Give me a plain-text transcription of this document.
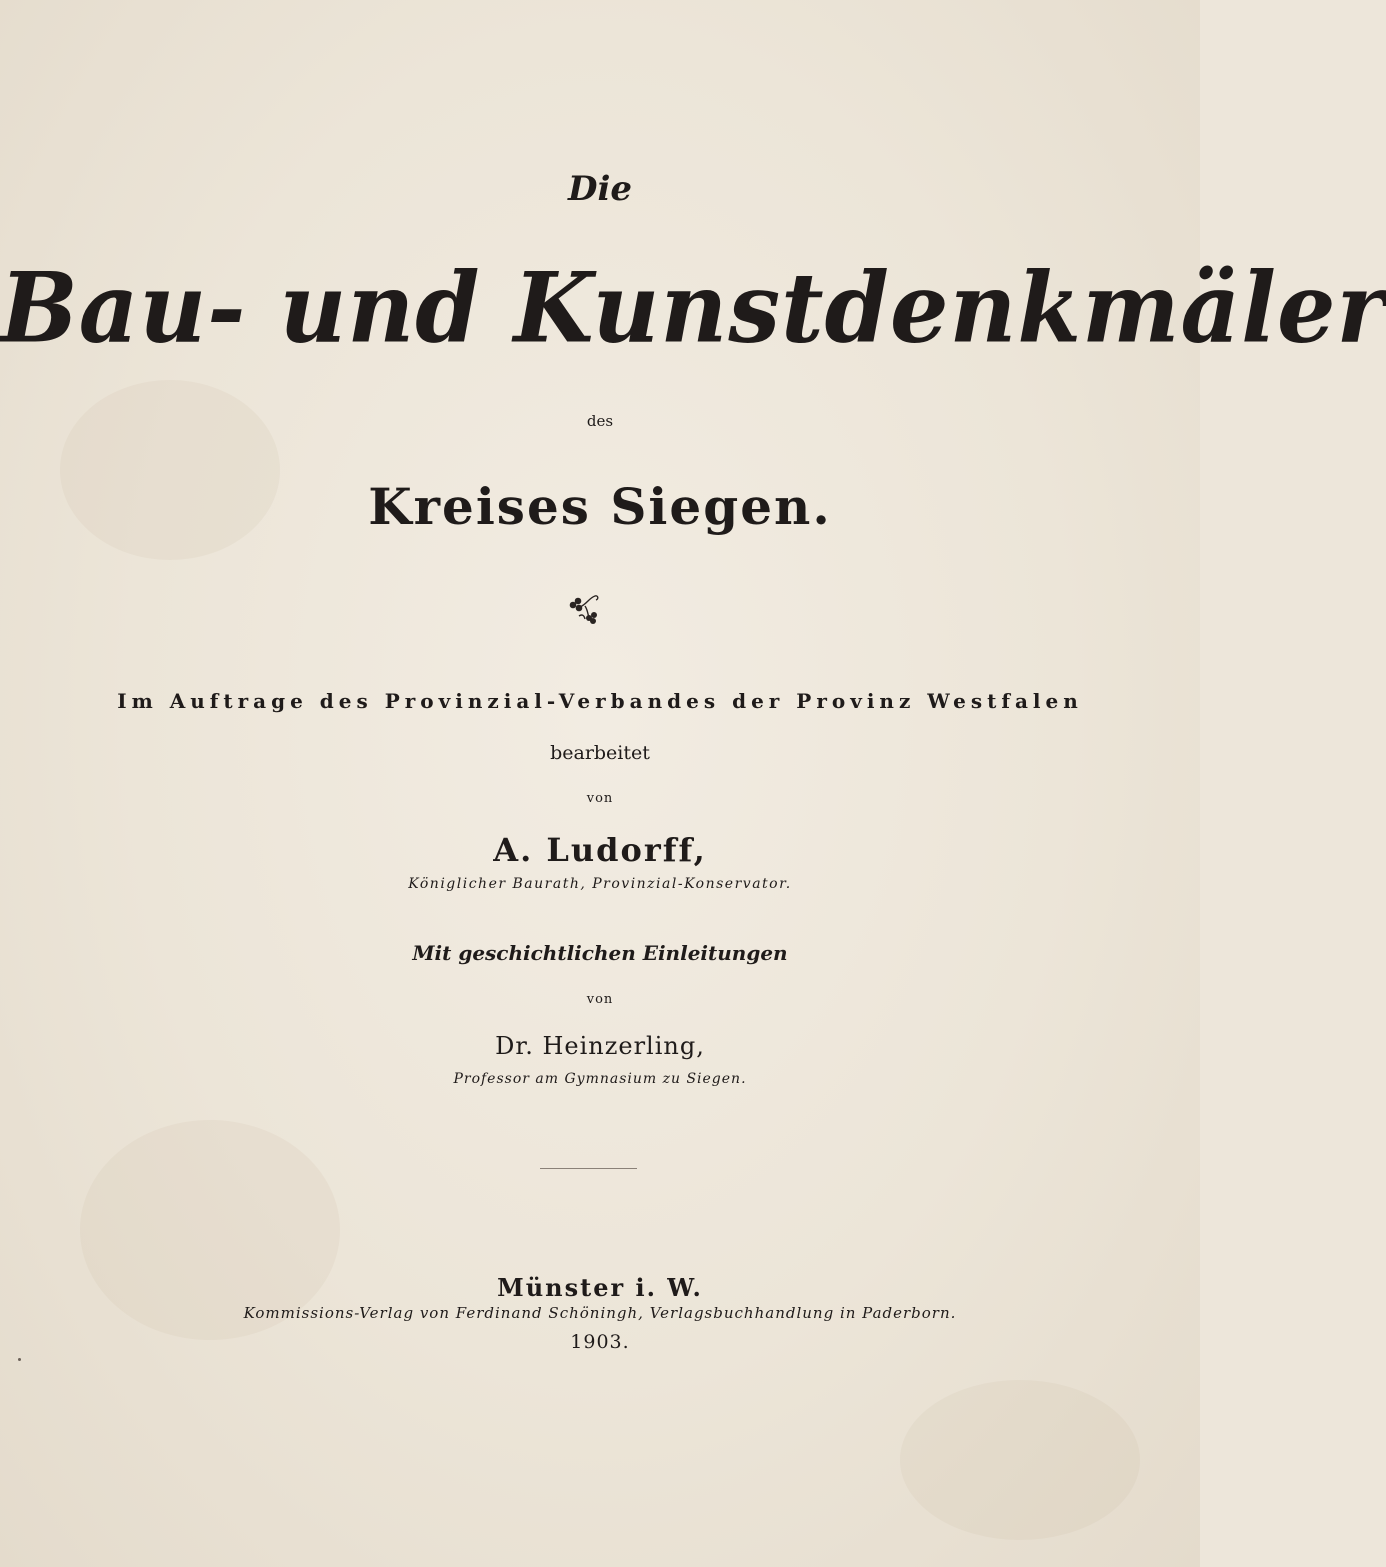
Die
Bau- und Kunstdenkmäler
des
Kreises Siegen.
Im Auftrage des Provinzial-Verbandes der Provinz Westfalen
bearbeitet
von
A. Ludorff,
Königlicher Baurath, Provinzial-Konservator.
Mit geschichtlichen Einleitungen
von
Dr. Heinzerling,
Professor am Gymnasium zu Siegen.
Münster i. W.
Kommissions-Verlag von Ferdinand Schöningh, Verlagsbuchhandlung in Paderborn.
1903.
